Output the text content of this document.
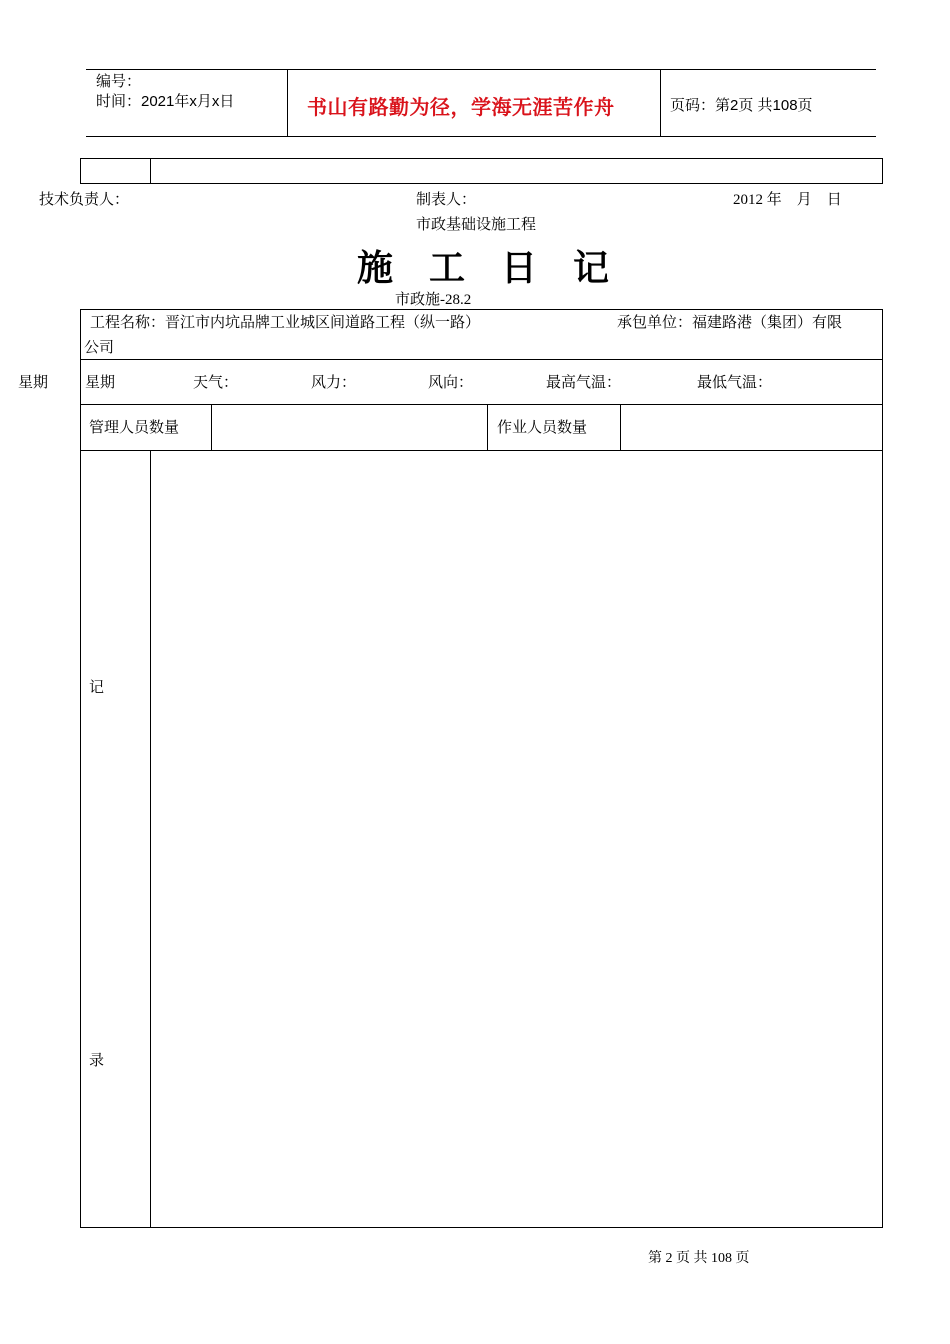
编号：
时间：2021年x月x日	书山有路勤为径，学海无涯苦作舟	页码：第2页 共108页
技术负责人：	制表人：	2012 年    月    日
市政基础设施工程
施 工 日 记
市政施-28.2
工程名称：晋江市内坑品牌工业城区间道路工程（纵一路）	承包单位：福建路港（集团）有限
公司
星期 星期	天气：	风力：	风向：	最高气温：	最低气温：
管理人员数量	作业人员数量
记
录
第 2 页 共 108 页
